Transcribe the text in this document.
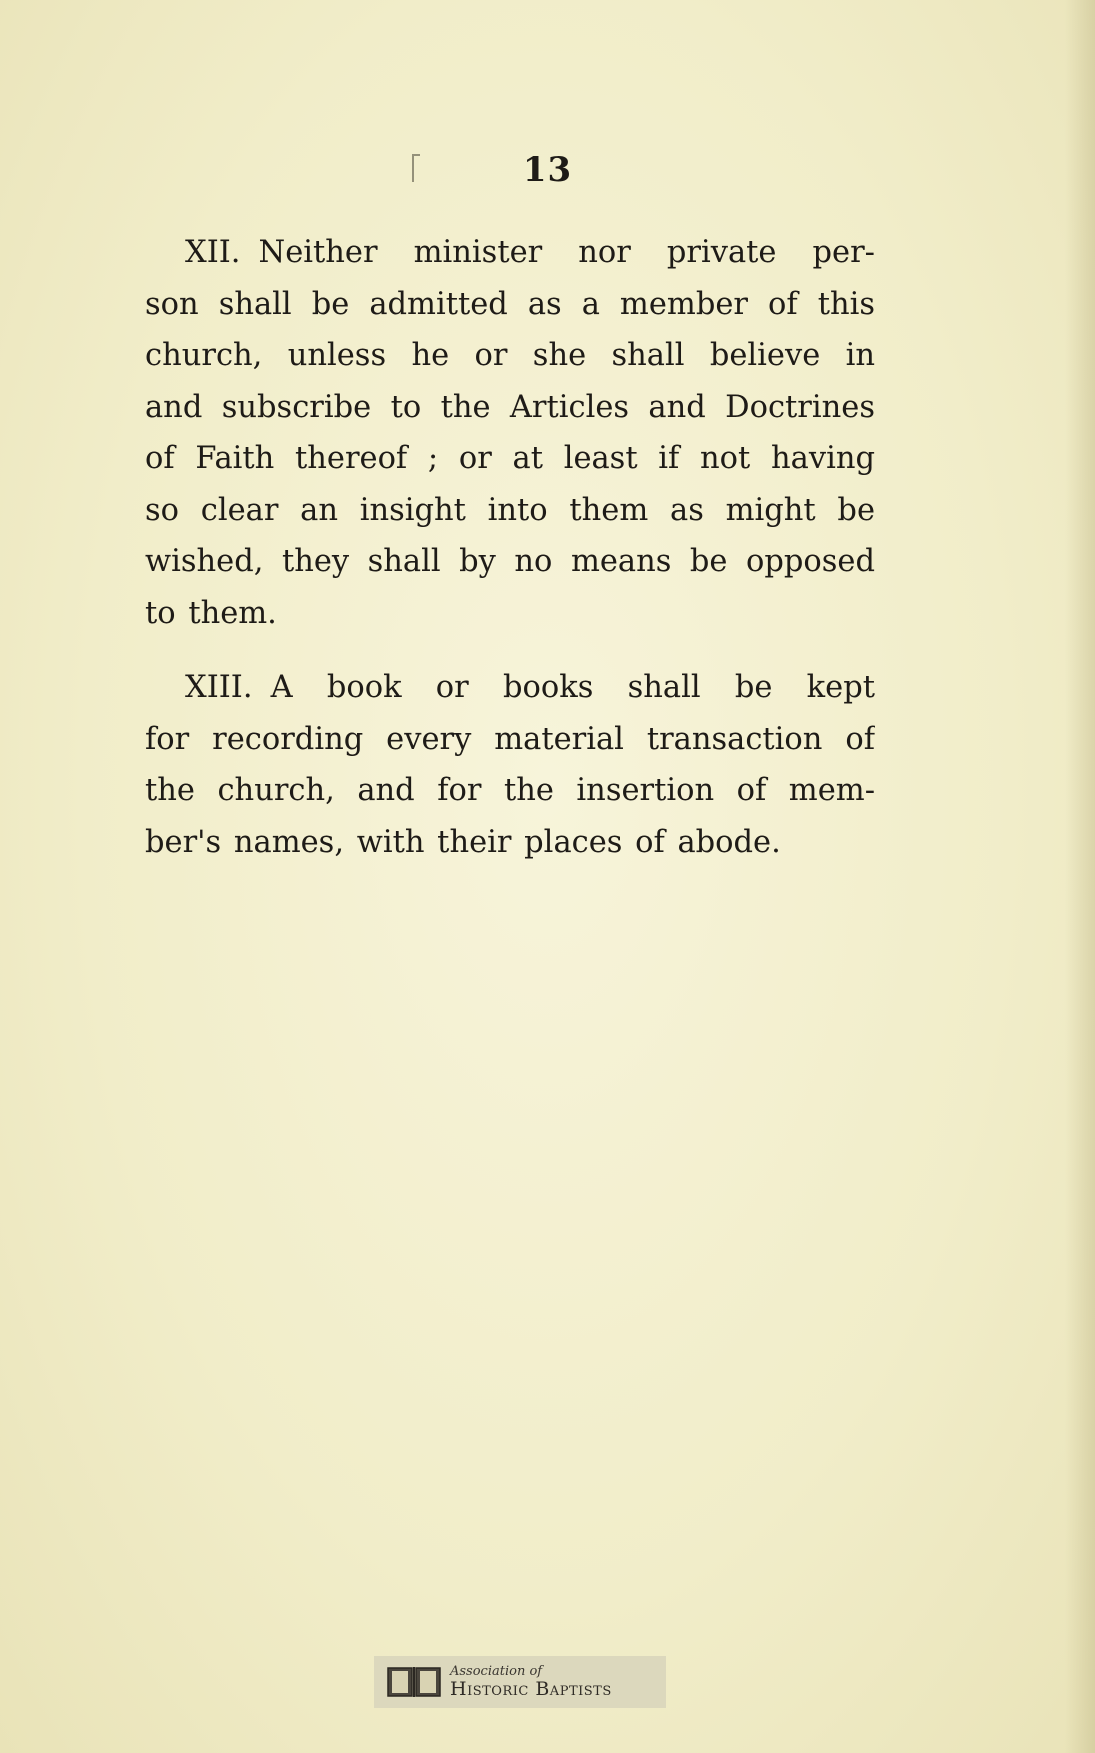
13
XII. Neither minister nor private per-
son shall be admitted as a member of this
church, unless he or she shall believe in
and subscribe to the Articles and Doctrines
of Faith thereof ; or at least if not having
so clear an insight into them as might be
wished, they shall by no means be opposed
to them.
XIII. A book or books shall be kept
for recording every material transaction of
the church, and for the insertion of mem-
ber's names, with their places of abode.
Association of
Historic Baptists
